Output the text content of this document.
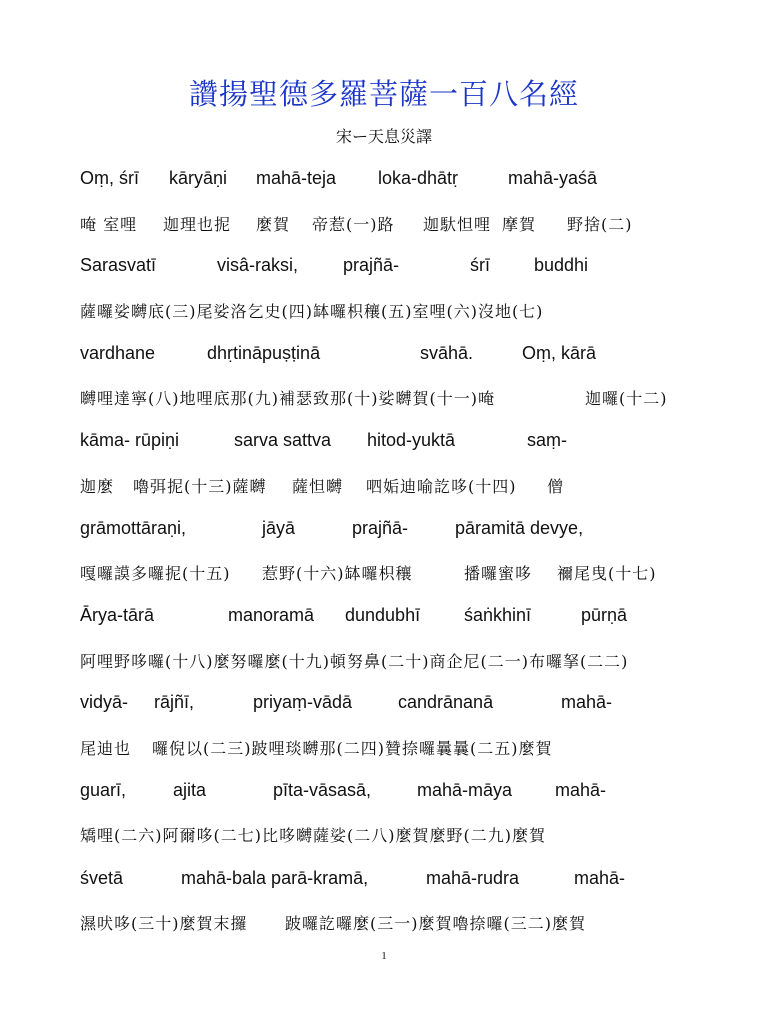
讚揚聖德多羅菩薩一百八名經
宋ー天息災譯
Oṃ, śrī kāryāṇi mahā-teja loka-dhātṛ	mahā-yaśā
唵 室哩 迦理也抳 麼賀 帝惹(一)路 迦馱怛哩 摩賀 野捨(二)
Sarasvatī	visâ-raksi, prajñā-	śrī buddhi
薩囉娑嚩底(三)尾娑洛乞史(四)缽囉枳穰(五)室哩(六)沒地(七)
vardhane	dhṛtināpuṣṭinā	svāhā.	Oṃ, kārā
嚩哩達寧(八)地哩底那(九)補瑟致那(十)娑嚩賀(十一)唵	迦囉(十二)
kāma- rūpiṇi	sarva sattva hitod-yuktā	saṃ-
迦麼 嚕弭抳(十三)薩嚩 薩怛嚩 呬姤迪喻訖哆(十四) 僧
grāmottāraṇi,	jāyā	prajñā-	pāramitā devye,
嘎囉謨多囉抳(十五) 惹野(十六)缽囉枳穰	播囉蜜哆 禰尾曳(十七)
Ārya-tārā	manoramā dundubhī śaṅkhinī	pūrṇā
阿哩野哆囉(十八)麼努囉麼(十九)頓努鼻(二十)商企尼(二一)布囉拏(二二)
vidyā- rājñī,	priyaṃ-vādā	candrānanā	mahā-
尾迪也 囉倪以(二三)跛哩琰嚩那(二四)贊捺囉曩曩(二五)麼賀
guarī,	ajita	pīta-vāsasā,	mahā-māya mahā-
矯哩(二六)阿爾哆(二七)比哆嚩薩娑(二八)麼賀麼野(二九)麼賀
śvetā	mahā-bala parā-kramā,	mahā-rudra	mahā-
濕吠哆(三十)麼賀末攞 跛囉訖囉麼(三一)麼賀嚕捺囉(三二)麼賀
1
